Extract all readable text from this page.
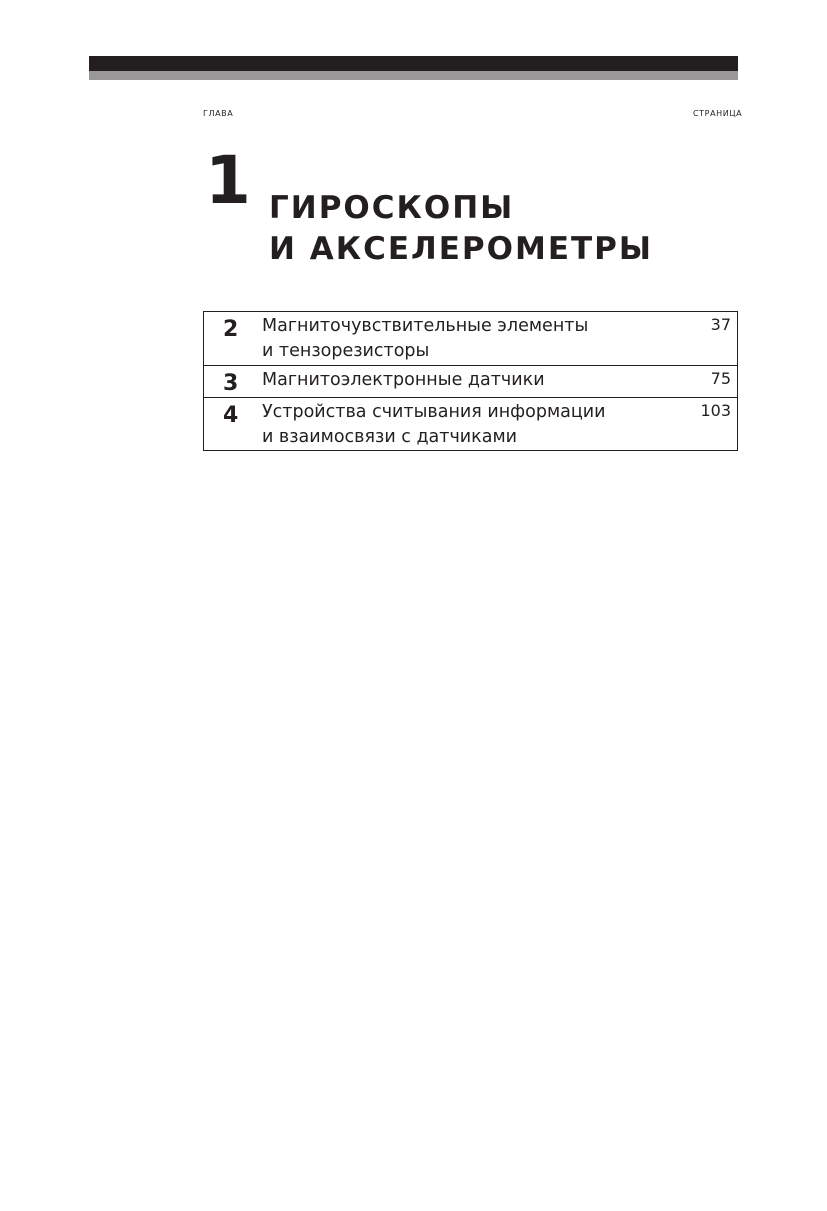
ГЛАВА	СТРАНИЦА
1 ГИРОСКОПЫ
И АКСЕЛЕРОМЕТРЫ
2 Магниточувствительные элементы
и тензорезисторы
37
3 Магнитоэлектронные датчики	75
4 Устройства считывания информации
и взаимосвязи с датчиками
103
